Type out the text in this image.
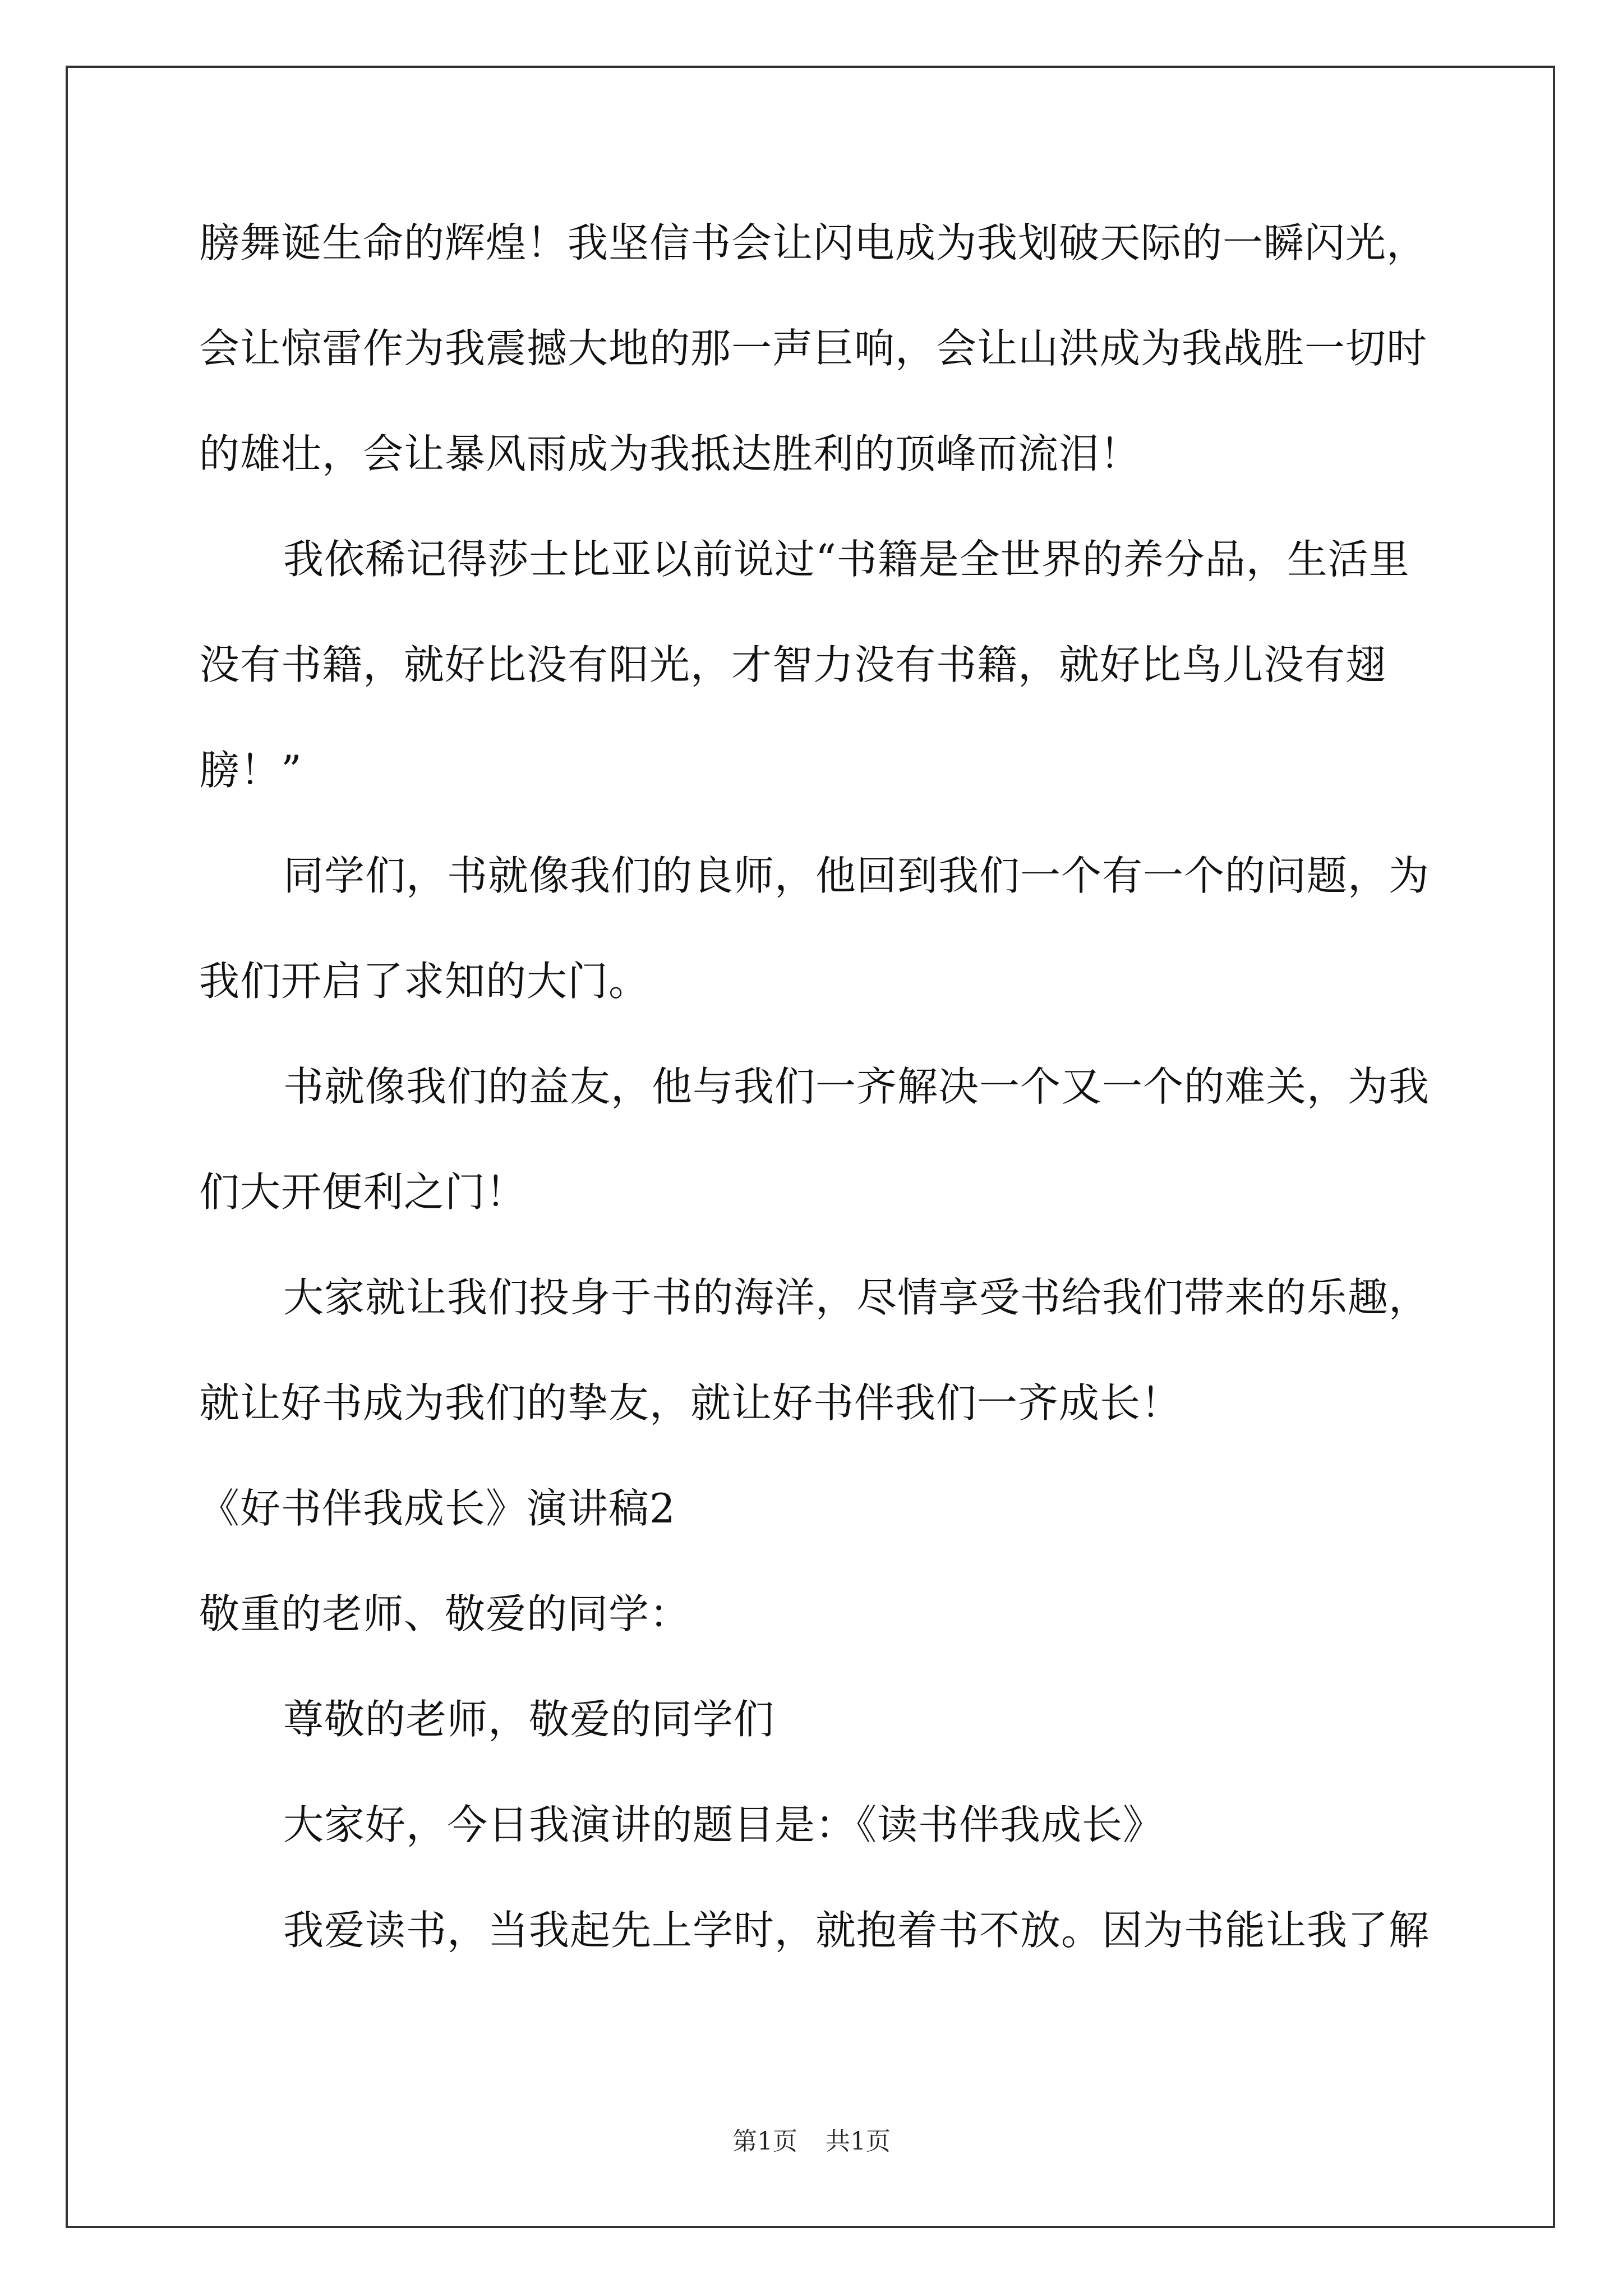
膀舞诞生命的辉煌！我坚信书会让闪电成为我划破天际的一瞬闪光，
会让惊雷作为我震撼大地的那一声巨响，会让山洪成为我战胜一切时
的雄壮，会让暴风雨成为我抵达胜利的顶峰而流泪！
我依稀记得莎士比亚以前说过“书籍是全世界的养分品，生活里
没有书籍，就好比没有阳光，才智力没有书籍，就好比鸟儿没有翅
膀！”
同学们，书就像我们的良师，他回到我们一个有一个的问题，为
我们开启了求知的大门。
书就像我们的益友，他与我们一齐解决一个又一个的难关，为我
们大开便利之门！
大家就让我们投身于书的海洋，尽情享受书给我们带来的乐趣，
就让好书成为我们的挚友，就让好书伴我们一齐成长！
《好书伴我成长》演讲稿2
敬重的老师、敬爱的同学：
尊敬的老师，敬爱的同学们
大家好，今日我演讲的题目是：《读书伴我成长》
我爱读书，当我起先上学时，就抱着书不放。因为书能让我了解
第1页 共1页
